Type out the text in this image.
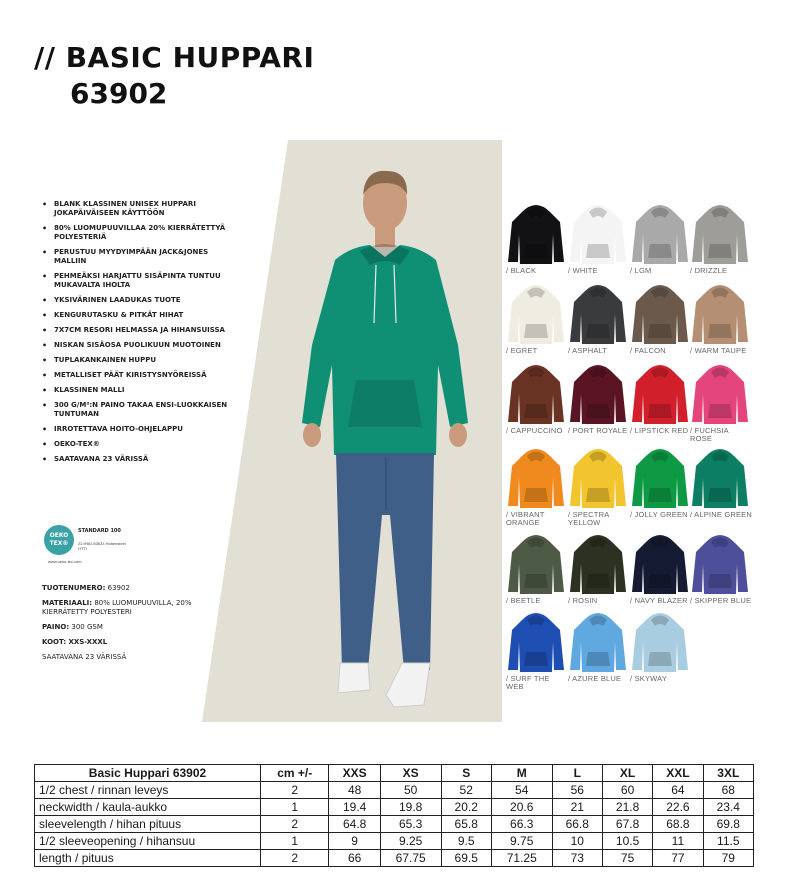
// BASIC HUPPARI
63902
• BLANK KLASSINEN UNISEX HUPPARI JOKAPÄIVÄISEEN KÄYTTÖÖN
• 80% LUOMUPUUVILLAA 20% KIERRÄTETTYÄ POLYESTERIÄ
• PERUSTUU MYYDYIMPÄÄN JACK&JONES MALLIIN
• PEHMEÄKSI HARJATTU SISÄPINTA TUNTUU MUKAVALTA IHOLTA
• YKSIVÄRINEN LAADUKAS TUOTE
• KENGURUTASKU & PITKÄT HIHAT
• 7X7CM RESORI HELMASSA JA HIHANSUISSA
• NISKAN SISÄOSA PUOLIKUUN MUOTOINEN
• TUPLAKANKAINEN HUPPU
• METALLISET PÄÄT KIRISTYSNYÖREISSÄ
• KLASSINEN MALLI
• 300 G/M²:N PAINO TAKAA ENSI-LUOKKAISEN TUNTUMAN
• IRROTETTAVA HOITO-OHJELAPPU
• OEKO-TEX®
• SAATAVANA 23 VÄRISSÄ
OEKO TEX®
STANDARD 100
22.HBG.83633 Hohenstein HTTI
www.oeko-tex.com
TUOTENUMERO: 63902
MATERIAALI: 80% LUOMUPUUVILLA, 20% KIERRÄTETTY POLYESTERI
PAINO: 300 GSM
KOOT: XXS-XXXL
SAATAVANA 23 VÄRISSÄ
/ BLACK	/ WHITE	/ LGM	/ DRIZZLE
/ EGRET	/ ASPHALT	/ FALCON	/ WARM TAUPE
/ CAPPUCCINO / PORT ROYALE / LIPSTICK RED / FUCHSIA ROSE
/ VIBRANT ORANGE
/ SPECTRA YELLOW
/ JOLLY GREEN / ALPINE GREEN
/ BEETLE	/ ROSIN	/ NAVY BLAZER / SKIPPER BLUE
/ SURF THE WEB
/ AZURE BLUE	/ SKYWAY
Basic Huppari 63902	cm +/-	XXS	XS	S	M	L	XL	XXL	3XL
1/2 chest / rinnan leveys	2	48	50	52	54	56	60	64	68
neckwidth / kaula-aukko	1	19.4	19.8	20.2	20.6	21	21.8	22.6	23.4
sleevelength / hihan pituus	2	64.8	65.3	65.8	66.3	66.8	67.8	68.8	69.8
1/2 sleeveopening / hihansuu	1	9	9.25	9.5	9.75	10	10.5	11	11.5
length / pituus	2	66	67.75	69.5	71.25	73	75	77	79
